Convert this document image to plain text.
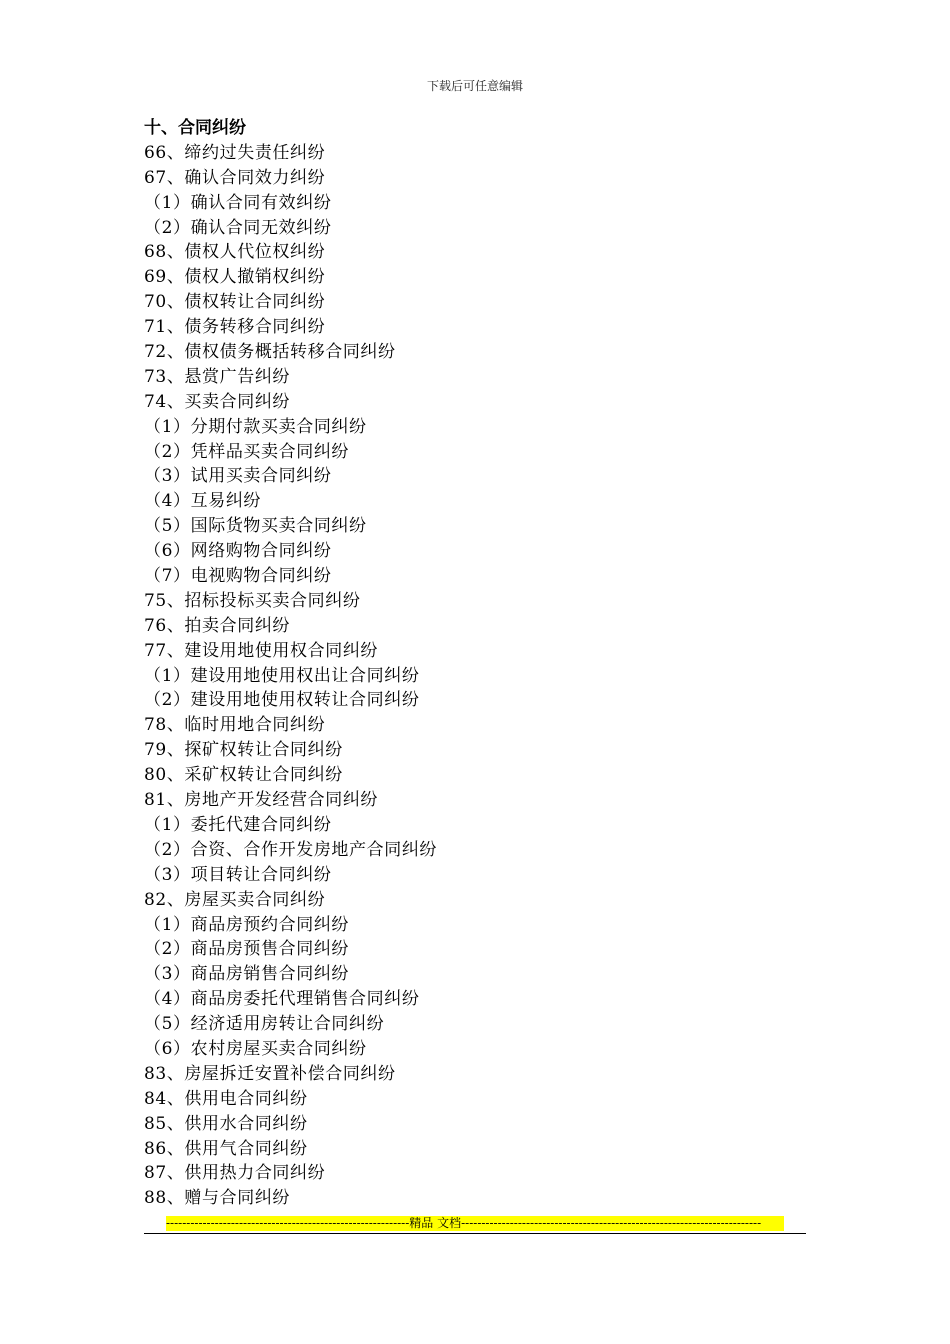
下载后可任意编辑
十、合同纠纷
66、缔约过失责任纠纷
67、确认合同效力纠纷
（1）确认合同有效纠纷
（2）确认合同无效纠纷
68、债权人代位权纠纷
69、债权人撤销权纠纷
70、债权转让合同纠纷
71、债务转移合同纠纷
72、债权债务概括转移合同纠纷
73、悬赏广告纠纷
74、买卖合同纠纷
（1）分期付款买卖合同纠纷
（2）凭样品买卖合同纠纷
（3）试用买卖合同纠纷
（4）互易纠纷
（5）国际货物买卖合同纠纷
（6）网络购物合同纠纷
（7）电视购物合同纠纷
75、招标投标买卖合同纠纷
76、拍卖合同纠纷
77、建设用地使用权合同纠纷
（1）建设用地使用权出让合同纠纷
（2）建设用地使用权转让合同纠纷
78、临时用地合同纠纷
79、探矿权转让合同纠纷
80、采矿权转让合同纠纷
81、房地产开发经营合同纠纷
（1）委托代建合同纠纷
（2）合资、合作开发房地产合同纠纷
（3）项目转让合同纠纷
82、房屋买卖合同纠纷
（1）商品房预约合同纠纷
（2）商品房预售合同纠纷
（3）商品房销售合同纠纷
（4）商品房委托代理销售合同纠纷
（5）经济适用房转让合同纠纷
（6）农村房屋买卖合同纠纷
83、房屋拆迁安置补偿合同纠纷
84、供用电合同纠纷
85、供用水合同纠纷
86、供用气合同纠纷
87、供用热力合同纠纷
88、赠与合同纠纷
------------------------------------------------------------精品 文档--------------------------------------------------------------------------
